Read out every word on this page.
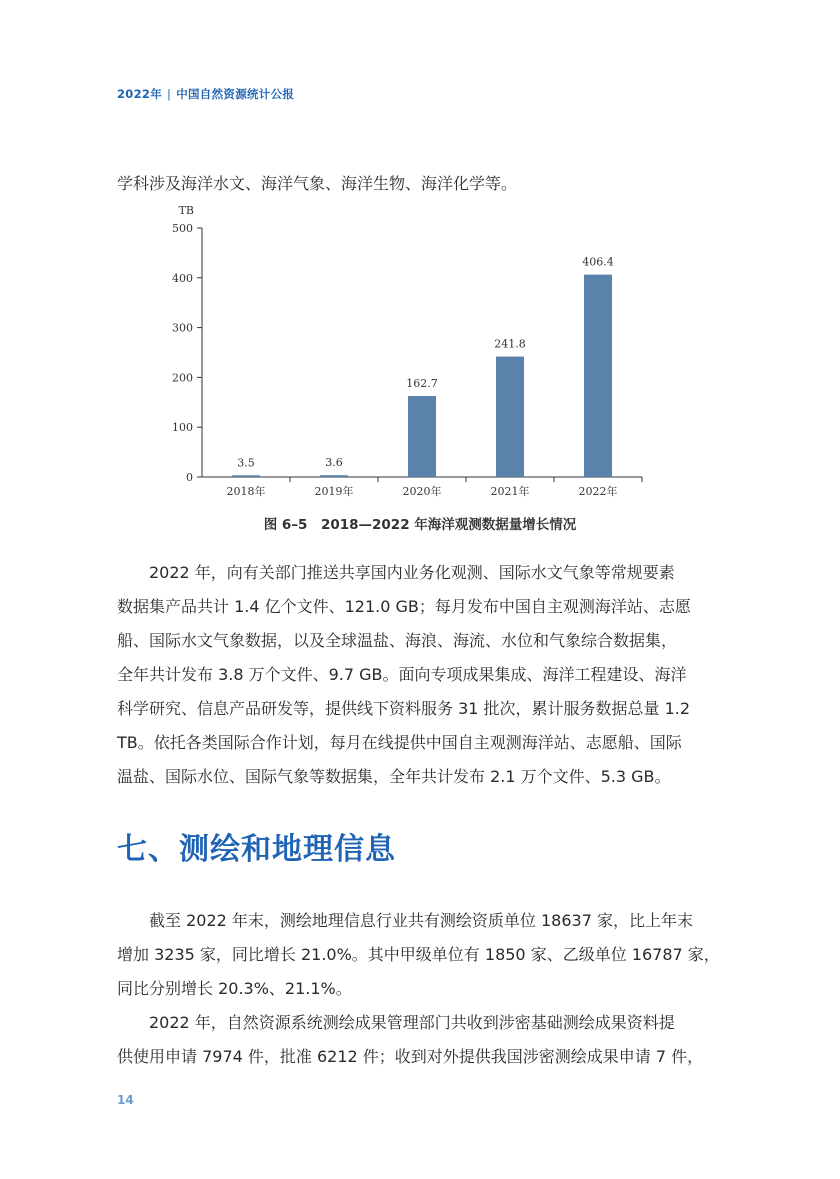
2022年 | 中国自然资源统计公报
学科涉及海洋水文、海洋气象、海洋生物、海洋化学等。
TB
0
100
200
300
400
500
3.5
2018年
3.6
2019年
162.7
2020年
241.8
2021年
406.4
2022年
图 6–5　2018—2022 年海洋观测数据量增长情况
2022 年，向有关部门推送共享国内业务化观测、国际水文气象等常规要素
数据集产品共计 1.4 亿个文件、121.0 GB；每月发布中国自主观测海洋站、志愿
船、国际水文气象数据，以及全球温盐、海浪、海流、水位和气象综合数据集，
全年共计发布 3.8 万个文件、9.7 GB。面向专项成果集成、海洋工程建设、海洋
科学研究、信息产品研发等，提供线下资料服务 31 批次，累计服务数据总量 1.2
TB。依托各类国际合作计划，每月在线提供中国自主观测海洋站、志愿船、国际
温盐、国际水位、国际气象等数据集，全年共计发布 2.1 万个文件、5.3 GB。
七、测绘和地理信息
截至 2022 年末，测绘地理信息行业共有测绘资质单位 18637 家，比上年末
增加 3235 家，同比增长 21.0%。其中甲级单位有 1850 家、乙级单位 16787 家，
同比分别增长 20.3%、21.1%。
2022 年，自然资源系统测绘成果管理部门共收到涉密基础测绘成果资料提
供使用申请 7974 件，批准 6212 件；收到对外提供我国涉密测绘成果申请 7 件，
14
